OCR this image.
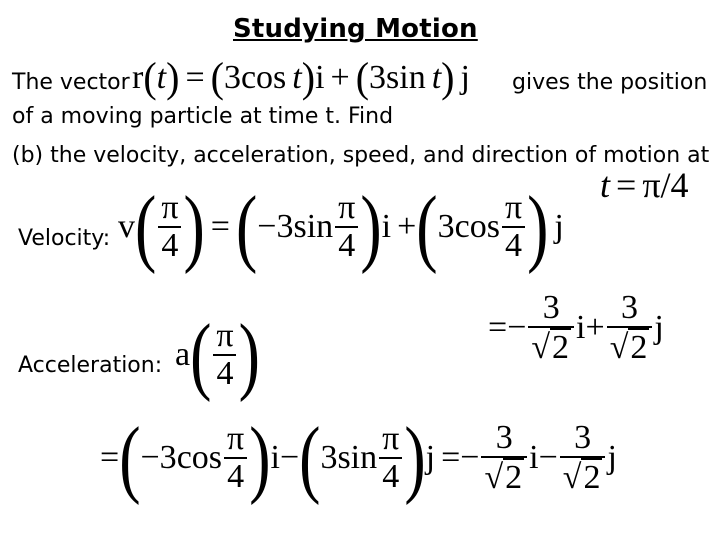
Studying Motion
The vector r ( t ) = ( 3 cos t ) i + ( 3 sin t ) j gives the position
of a moving particle at time t. Find
(b) the velocity, acceleration, speed, and direction of motion at
t = π/4
Velocity: v ( $\frac{\pi}{4}$ ) = ( −3 $\sin \frac{\pi}{4}$ ) i + ( 3 $\cos \frac{\pi}{4}$ ) j
= − $\frac{3}{√ 2}$ $i + \frac{3}{√ 2}$ j
Acceleration: a ( $\frac{\pi}{4}$ )
= ( −3 $\cos \frac{\pi}{4}$ ) i − ( 3 $\sin \frac{\pi}{4}$ ) j = − $\frac{3}{√ 2}$ $i - \frac{3}{√ 2}$ j
